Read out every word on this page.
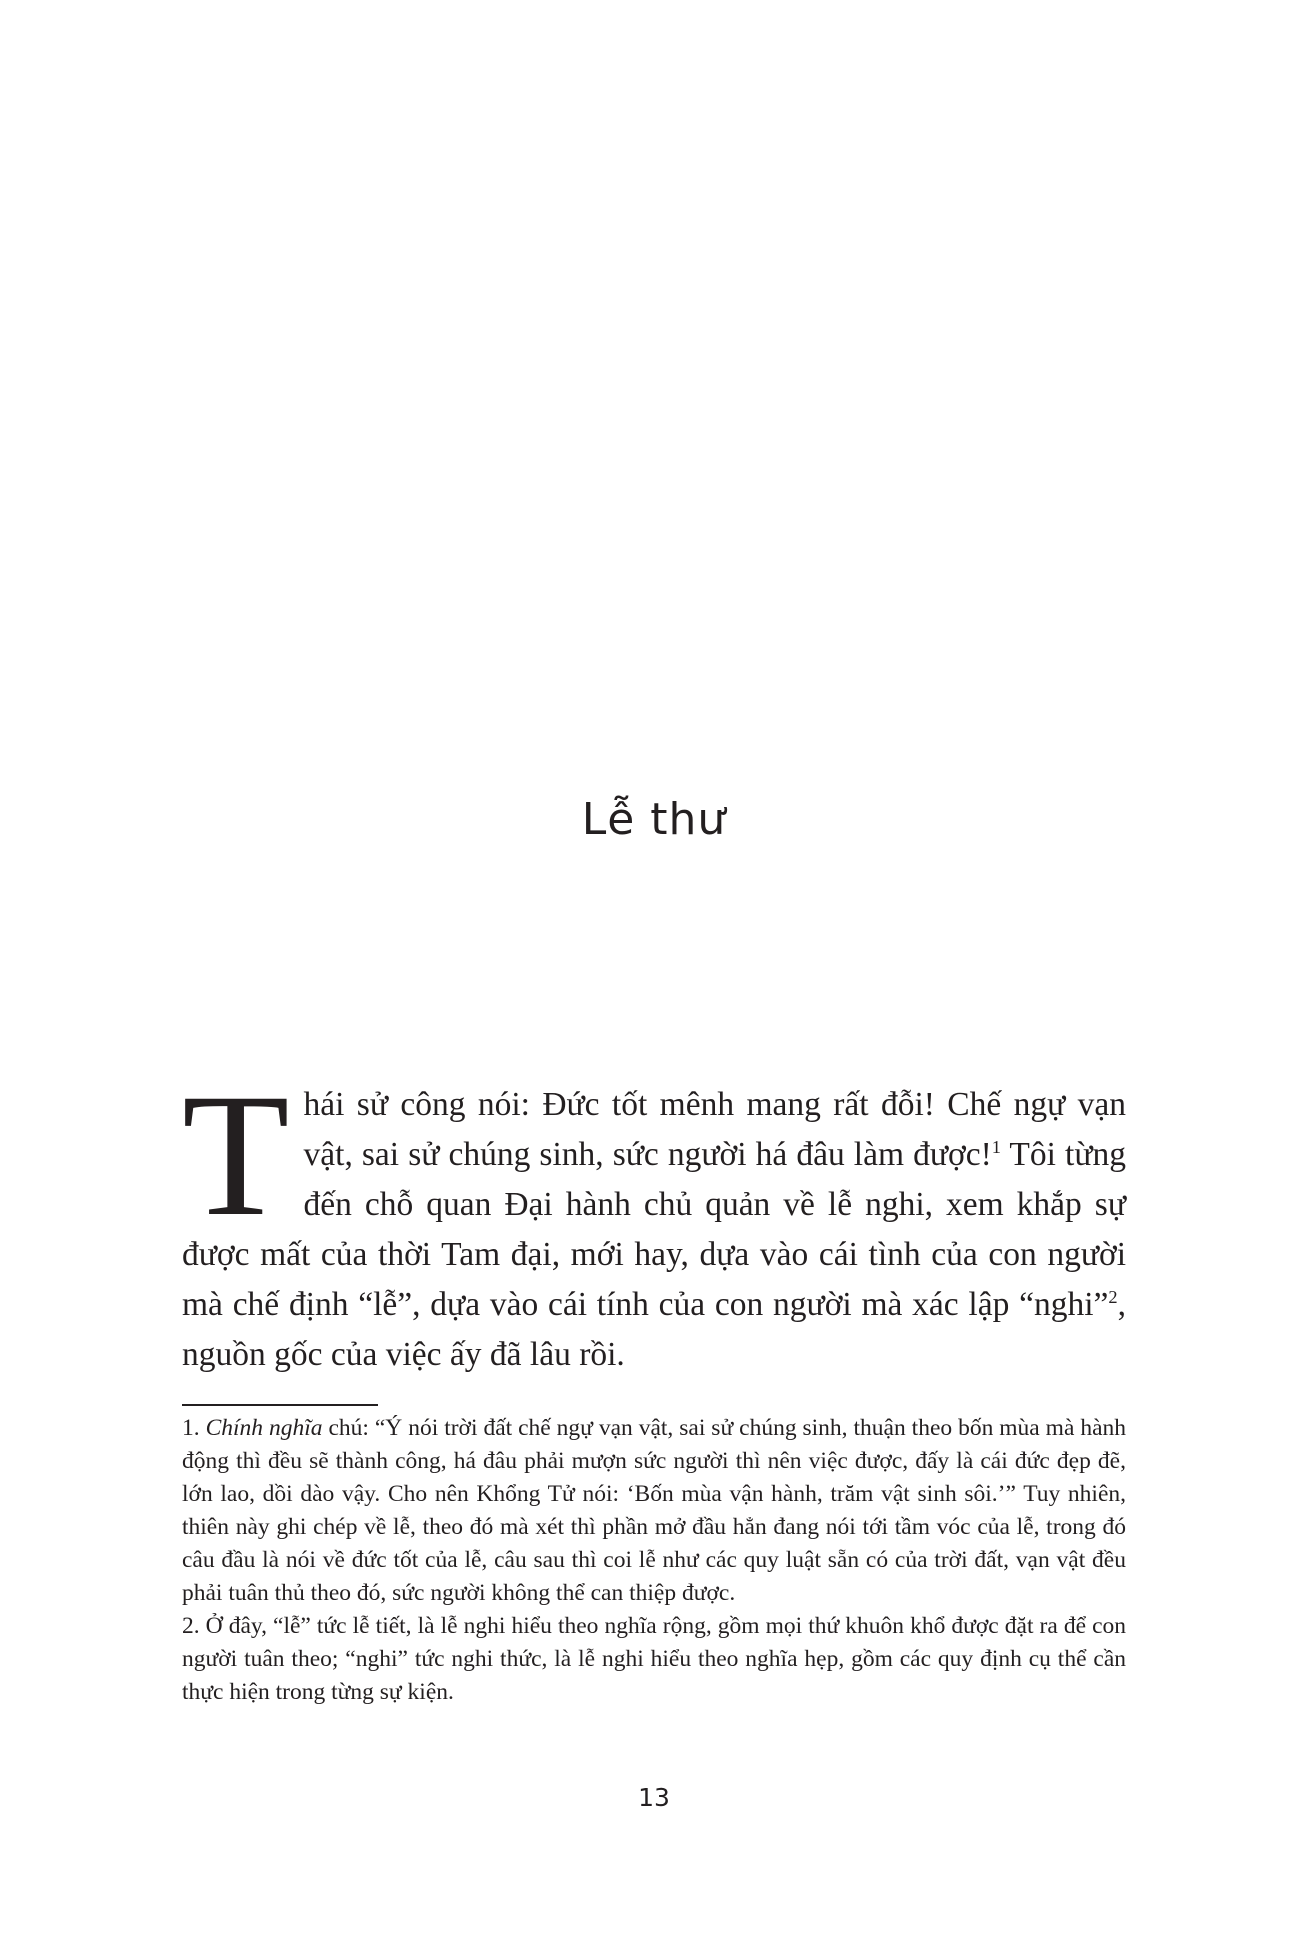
Lễ thư

Thái sử công nói: Đức tốt mênh mang rất đỗi! Chế ngự vạn vật, sai sử chúng sinh, sức người há đâu làm được!$^1$ Tôi từng đến chỗ quan Đại hành chủ quản về lễ nghi, xem khắp sự được mất của thời Tam đại, mới hay, dựa vào cái tình của con người mà chế định “lễ”, dựa vào cái tính của con người mà xác lập “nghi”$^2$, nguồn gốc của việc ấy đã lâu rồi.

1. Chính nghĩa chú: “Ý nói trời đất chế ngự vạn vật, sai sử chúng sinh, thuận theo bốn mùa mà hành động thì đều sẽ thành công, há đâu phải mượn sức người thì nên việc được, đấy là cái đức đẹp đẽ, lớn lao, dồi dào vậy. Cho nên Khổng Tử nói: ‘Bốn mùa vận hành, trăm vật sinh sôi.’” Tuy nhiên, thiên này ghi chép về lễ, theo đó mà xét thì phần mở đầu hẳn đang nói tới tầm vóc của lễ, trong đó câu đầu là nói về đức tốt của lễ, câu sau thì coi lễ như các quy luật sẵn có của trời đất, vạn vật đều phải tuân thủ theo đó, sức người không thể can thiệp được.

2. Ở đây, “lễ” tức lễ tiết, là lễ nghi hiểu theo nghĩa rộng, gồm mọi thứ khuôn khổ được đặt ra để con người tuân theo; “nghi” tức nghi thức, là lễ nghi hiểu theo nghĩa hẹp, gồm các quy định cụ thể cần thực hiện trong từng sự kiện.

13
